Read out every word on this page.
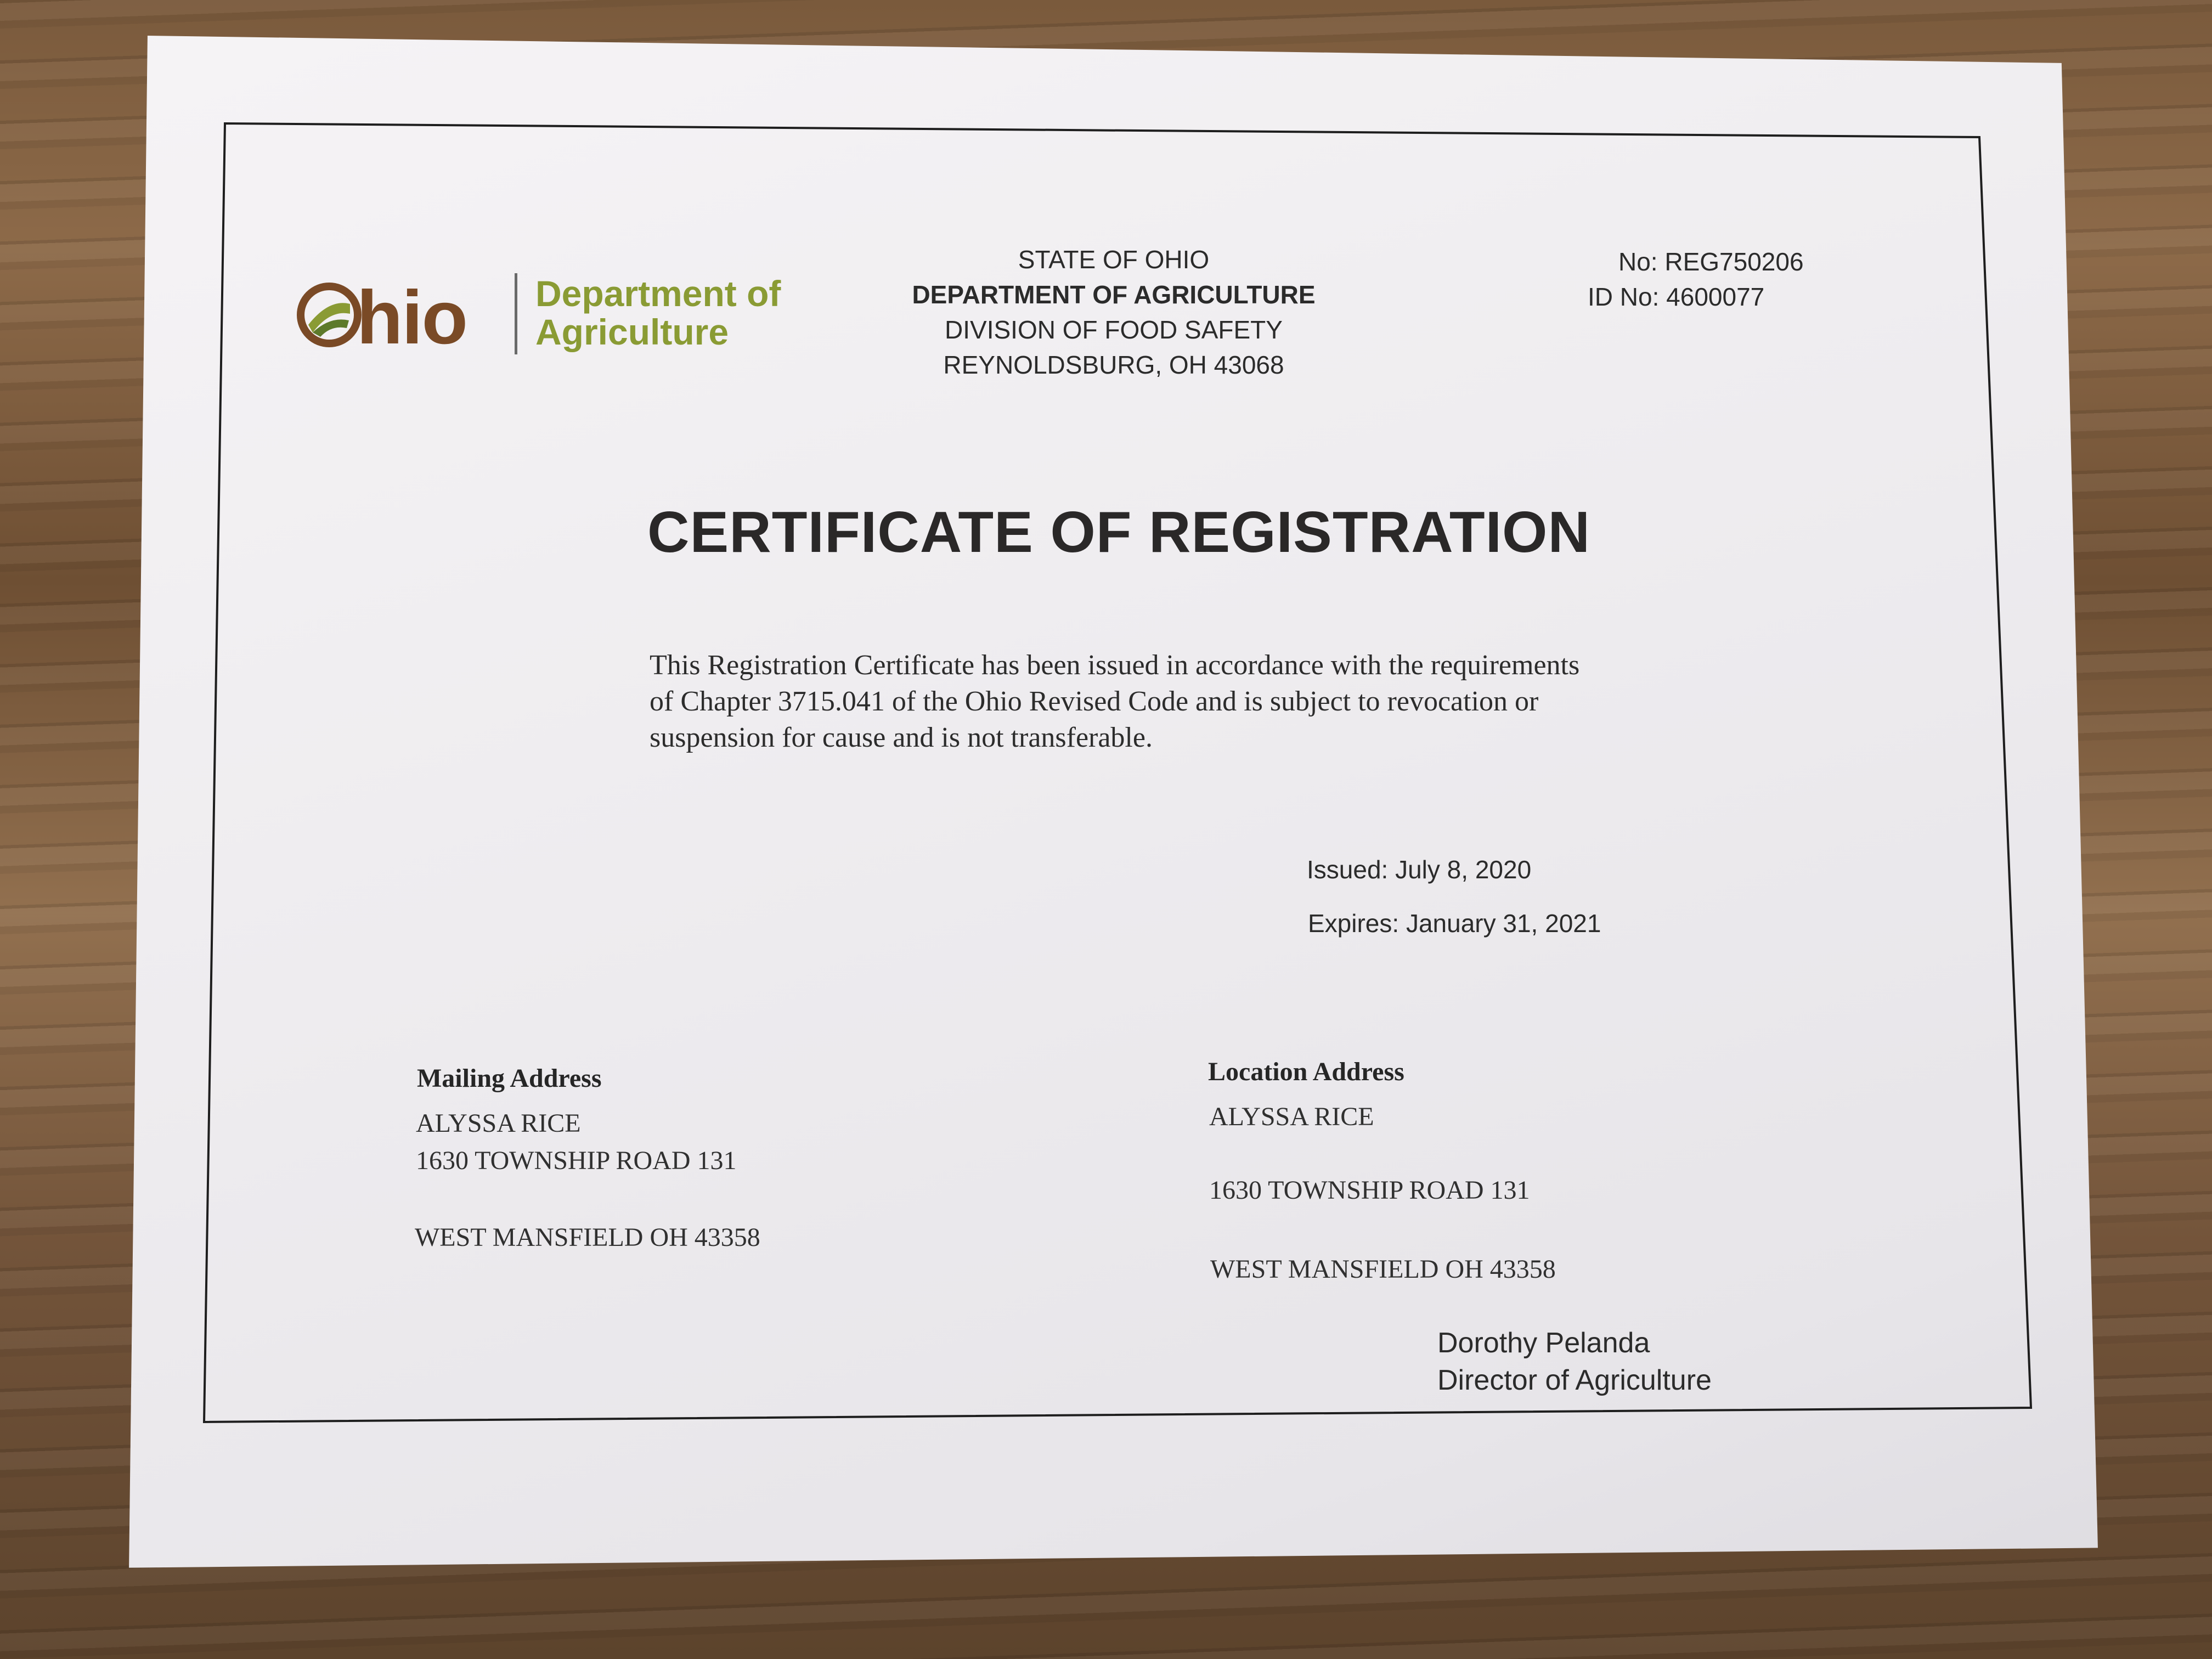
hio Department of
Agriculture
STATE OF OHIO
DEPARTMENT OF AGRICULTURE
DIVISION OF FOOD SAFETY
REYNOLDSBURG, OH 43068
No: REG750206
ID No: 4600077
CERTIFICATE OF REGISTRATION
This Registration Certificate has been issued in accordance with the requirements
of Chapter 3715.041 of the Ohio Revised Code and is subject to revocation or
suspension for cause and is not transferable.
Issued: July 8, 2020
Expires: January 31, 2021
Mailing Address
ALYSSA RICE
1630 TOWNSHIP ROAD 131
WEST MANSFIELD OH 43358
Location Address
ALYSSA RICE
1630 TOWNSHIP ROAD 131
WEST MANSFIELD OH 43358
Dorothy Pelanda
Director of Agriculture
